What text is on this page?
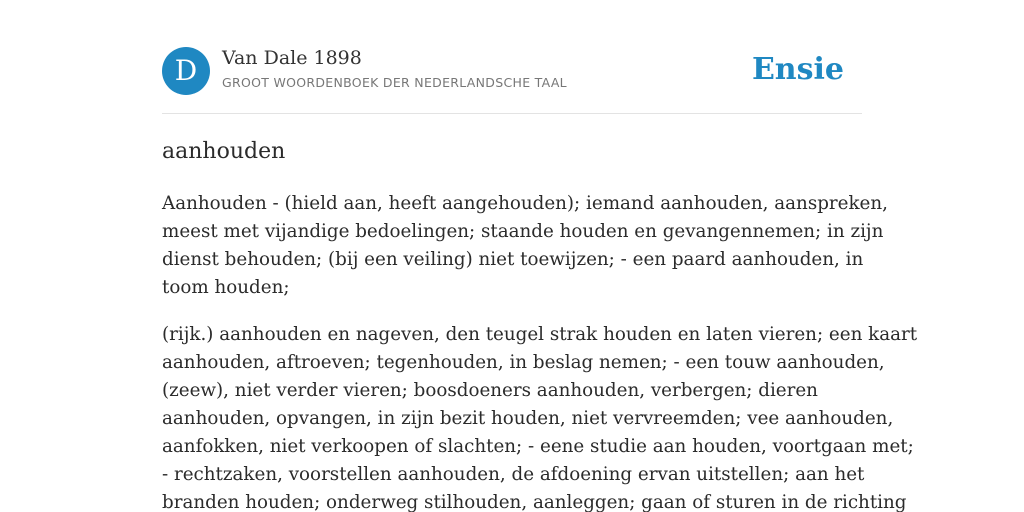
D	Van Dale 1898
GROOT WOORDENBOEK DER NEDERLANDSCHE TAAL	Ensie
aanhouden

Aanhouden - (hield aan, heeft aangehouden); iemand aanhouden, aanspreken,
meest met vijandige bedoelingen; staande houden en gevangennemen; in zijn
dienst behouden; (bij een veiling) niet toewijzen; - een paard aanhouden, in
toom houden;

(rijk.) aanhouden en nageven, den teugel strak houden en laten vieren; een kaart
aanhouden, aftroeven; tegenhouden, in beslag nemen; - een touw aanhouden,
(zeew), niet verder vieren; boosdoeners aanhouden, verbergen; dieren
aanhouden, opvangen, in zijn bezit houden, niet vervreemden; vee aanhouden,
aanfokken, niet verkoopen of slachten; - eene studie aan houden, voortgaan met;
- rechtzaken, voorstellen aanhouden, de afdoening ervan uitstellen; aan het
branden houden; onderweg stilhouden, aanleggen; gaan of sturen in de richting
